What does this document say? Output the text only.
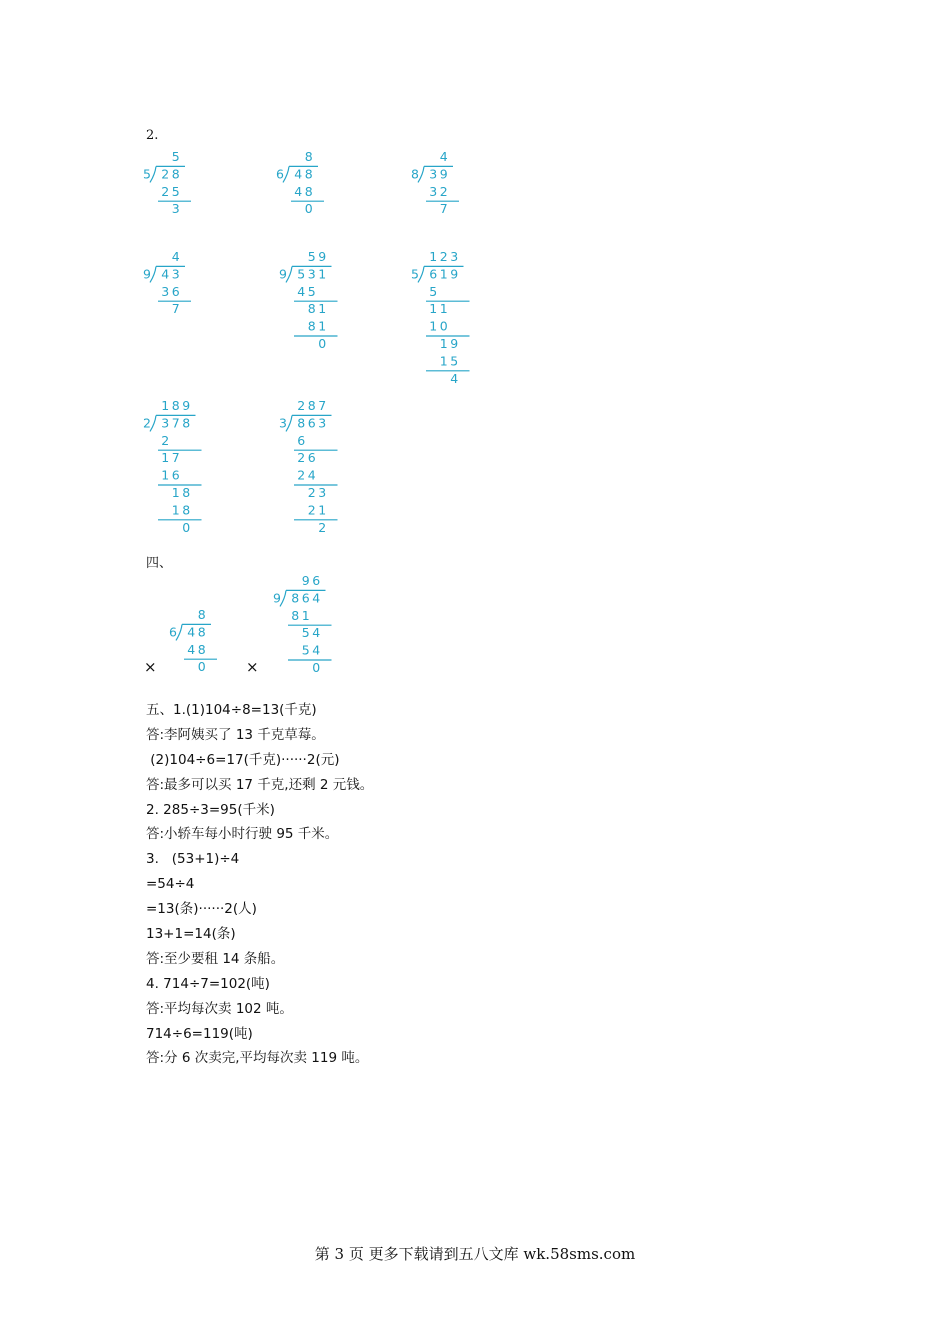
2.
5
5 2 8
2 5
3
8
6 4 8
4 8
0
4
8 3 9
3 2
7
4
9 4 3
3 6
7
5 9
9 5 3 1
4 5
8 1
8 1
0
1 2 3
5 6 1 9
5
1 1
1 0
1 9
1 5
4
1 8 9
2 3 7 8
2
1 7
1 6
1 8
1 8
0
2 8 7
3 8 6 3
6
2 6
2 4
2 3
2 1
2
四、
8
6 4 8
4 8
0
9 6
9 8 6 4
8 1
5 4
5 4
0
×	×
五、1.(1)104÷8=13(千克)
答:李阿姨买了 13 千克草莓。
(2)104÷6=17(千克)······2(元)
答:最多可以买 17 千克,还剩 2 元钱。
2. 285÷3=95(千米)
答:小轿车每小时行驶 95 千米。
3.   (53+1)÷4
=54÷4
=13(条)······2(人)
13+1=14(条)
答:至少要租 14 条船。
4. 714÷7=102(吨)
答:平均每次卖 102 吨。
714÷6=119(吨)
答:分 6 次卖完,平均每次卖 119 吨。
第 3 页 更多下载请到五八文库 wk.58sms.com
